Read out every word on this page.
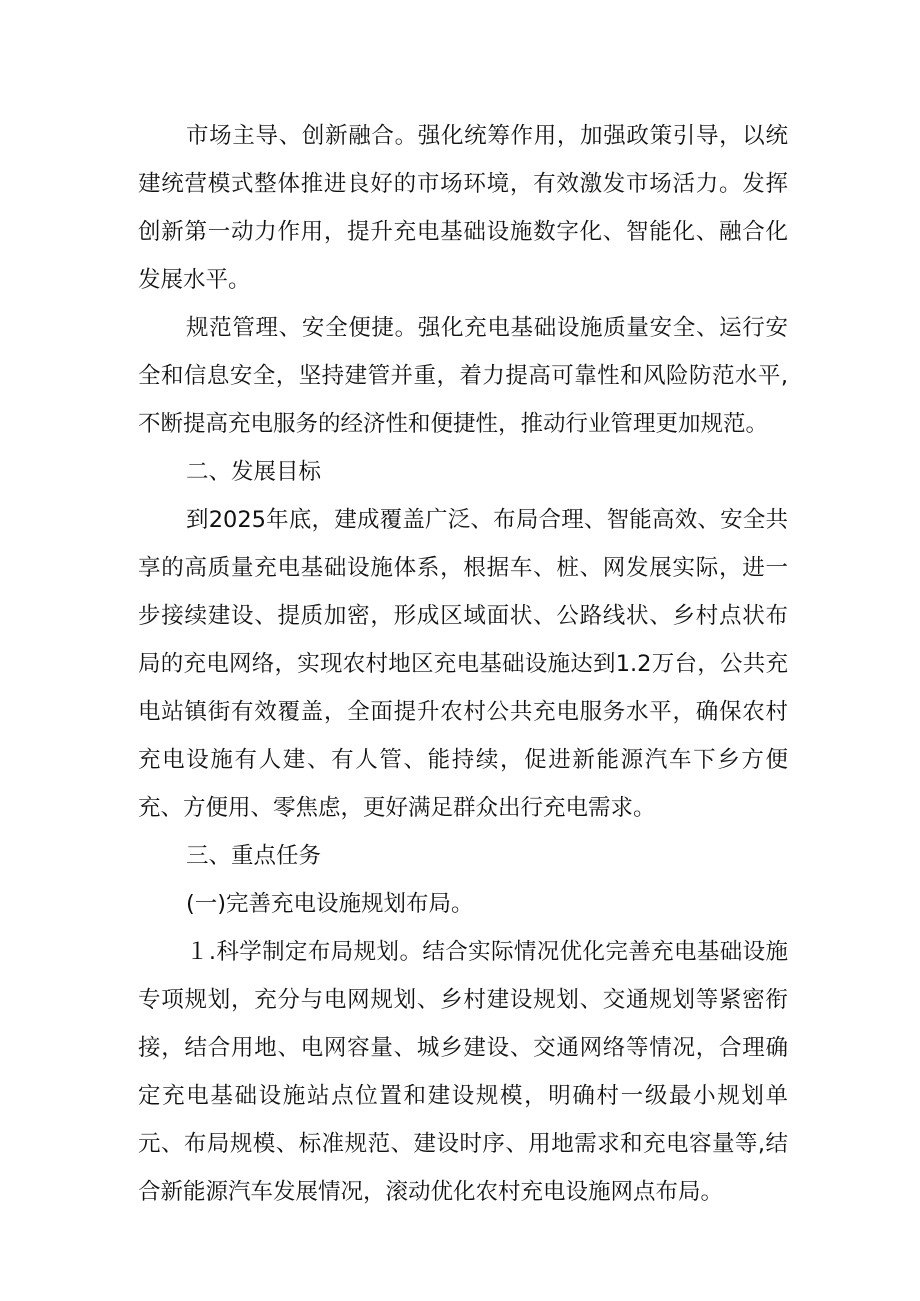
市场主导、创新融合。强化统筹作用，加强政策引导，以统建统营模式整体推进良好的市场环境，有效激发市场活力。发挥创新第一动力作用，提升充电基础设施数字化、智能化、融合化发展水平。

规范管理、安全便捷。强化充电基础设施质量安全、运行安全和信息安全，坚持建管并重，着力提高可靠性和风险防范水平,不断提高充电服务的经济性和便捷性，推动行业管理更加规范。

二、发展目标

到2025年底，建成覆盖广泛、布局合理、智能高效、安全共享的高质量充电基础设施体系，根据车、桩、网发展实际，进一步接续建设、提质加密，形成区域面状、公路线状、乡村点状布局的充电网络，实现农村地区充电基础设施达到1.2万台，公共充电站镇街有效覆盖，全面提升农村公共充电服务水平，确保农村充电设施有人建、有人管、能持续，促进新能源汽车下乡方便充、方便用、零焦虑，更好满足群众出行充电需求。

三、重点任务

(一)完善充电设施规划布局。

１.科学制定布局规划。结合实际情况优化完善充电基础设施专项规划，充分与电网规划、乡村建设规划、交通规划等紧密衔接，结合用地、电网容量、城乡建设、交通网络等情况，合理确定充电基础设施站点位置和建设规模，明确村一级最小规划单元、布局规模、标准规范、建设时序、用地需求和充电容量等,结合新能源汽车发展情况，滚动优化农村充电设施网点布局。
